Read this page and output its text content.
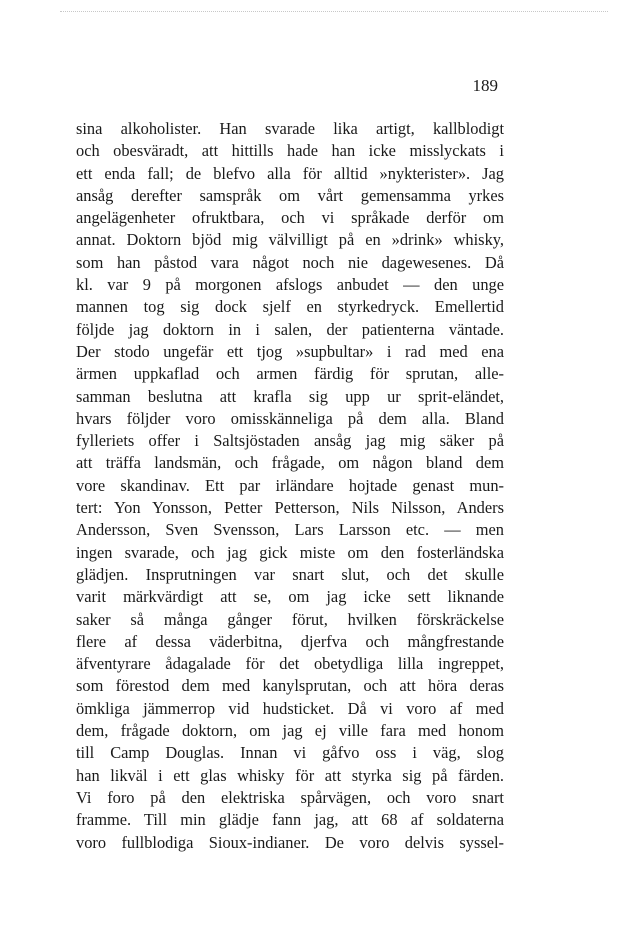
189
sina alkoholister. Han svarade lika artigt, kallblodigt
och obesväradt, att hittills hade han icke misslyckats i
ett enda fall; de blefvo alla för alltid »nykterister». Jag
ansåg derefter samspråk om vårt gemensamma yrkes
angelägenheter ofruktbara, och vi språkade derför om
annat. Doktorn bjöd mig välvilligt på en »drink» whisky,
som han påstod vara något noch nie dagewesenes. Då
kl. var 9 på morgonen afslogs anbudet — den unge
mannen tog sig dock sjelf en styrkedryck. Emellertid
följde jag doktorn in i salen, der patienterna väntade.
Der stodo ungefär ett tjog »supbultar» i rad med ena
ärmen uppkaflad och armen färdig för sprutan, alle-
samman beslutna att krafla sig upp ur sprit-eländet,
hvars följder voro omisskänneliga på dem alla. Bland
fylleriets offer i Saltsjöstaden ansåg jag mig säker på
att träffa landsmän, och frågade, om någon bland dem
vore skandinav. Ett par irländare hojtade genast mun-
tert: Yon Yonsson, Petter Petterson, Nils Nilsson, Anders
Andersson, Sven Svensson, Lars Larsson etc. — men
ingen svarade, och jag gick miste om den fosterländska
glädjen. Insprutningen var snart slut, och det skulle
varit märkvärdigt att se, om jag icke sett liknande
saker så många gånger förut, hvilken förskräckelse
flere af dessa väderbitna, djerfva och mångfrestande
äfventyrare ådagalade för det obetydliga lilla ingreppet,
som förestod dem med kanylsprutan, och att höra deras
ömkliga jämmerrop vid hudsticket. Då vi voro af med
dem, frågade doktorn, om jag ej ville fara med honom
till Camp Douglas. Innan vi gåfvo oss i väg, slog
han likväl i ett glas whisky för att styrka sig på färden.
Vi foro på den elektriska spårvägen, och voro snart
framme. Till min glädje fann jag, att 68 af soldaterna
voro fullblodiga Sioux-indianer. De voro delvis syssel-
